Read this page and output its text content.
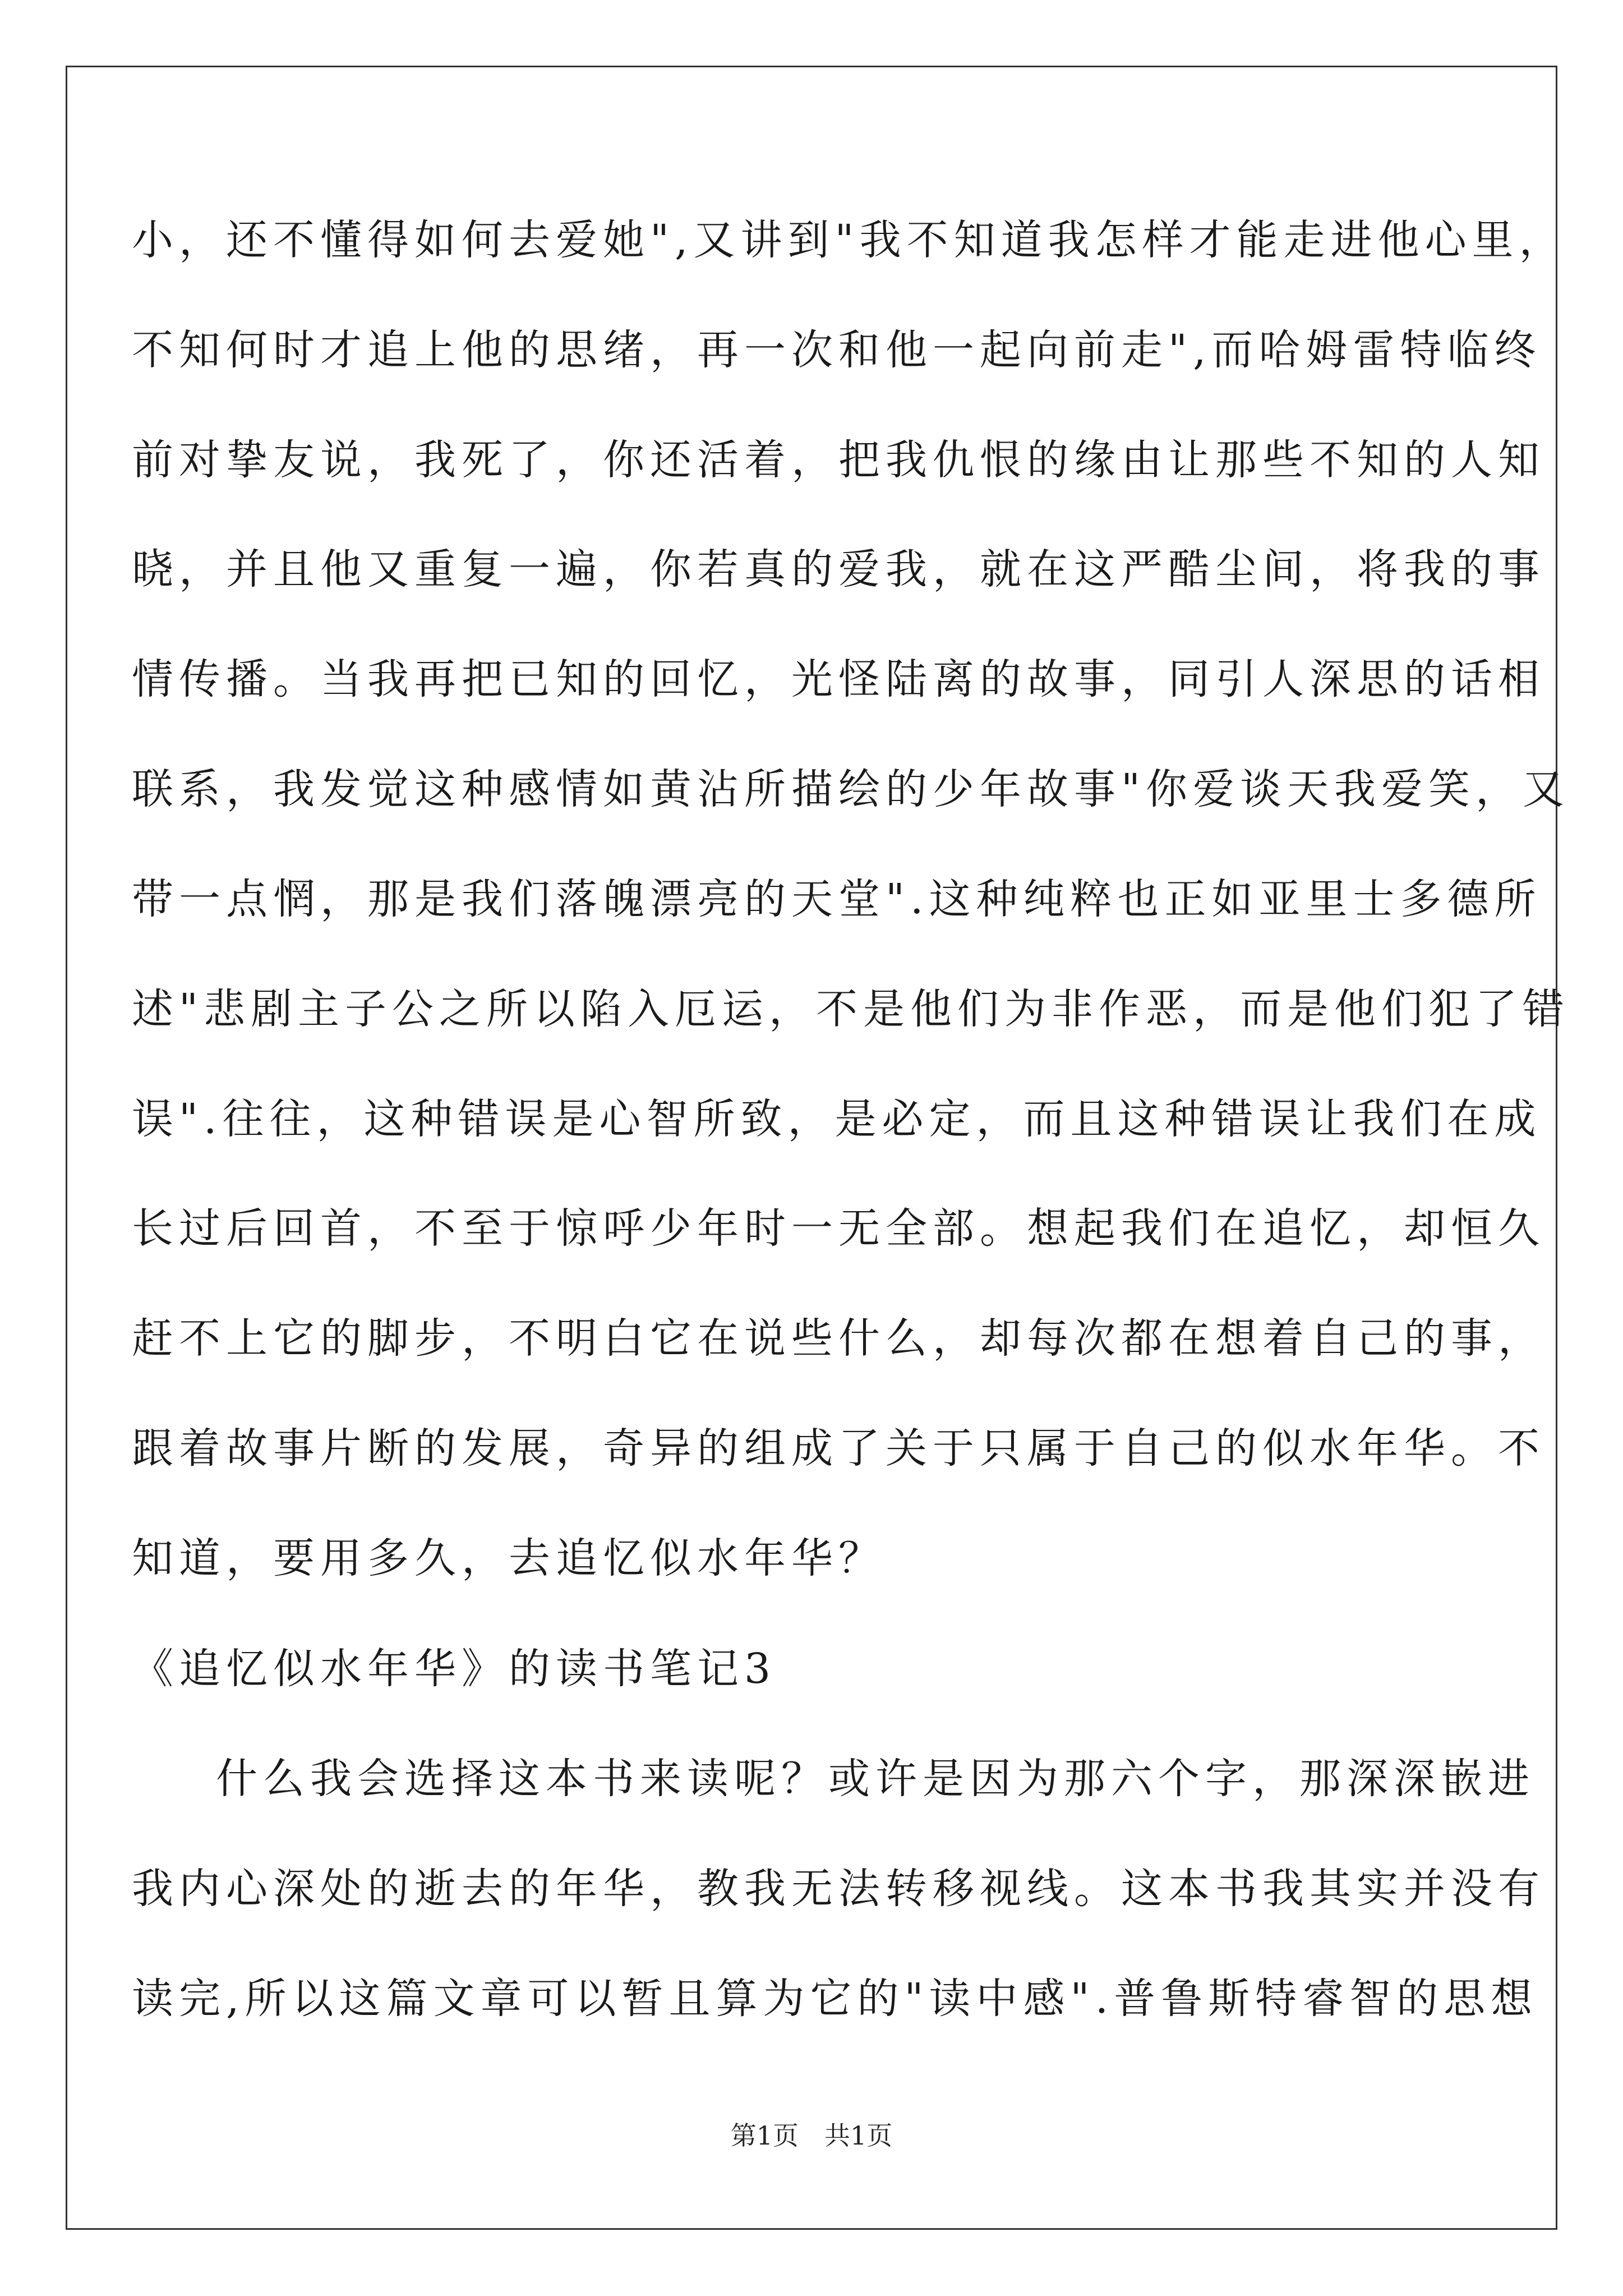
小，还不懂得如何去爱她",又讲到"我不知道我怎样才能走进他心里，
不知何时才追上他的思绪，再一次和他一起向前走",而哈姆雷特临终
前对挚友说，我死了，你还活着，把我仇恨的缘由让那些不知的人知
晓，并且他又重复一遍，你若真的爱我，就在这严酷尘间，将我的事
情传播。当我再把已知的回忆，光怪陆离的故事，同引人深思的话相
联系，我发觉这种感情如黄沾所描绘的少年故事"你爱谈天我爱笑，又
带一点惘，那是我们落魄漂亮的天堂".这种纯粹也正如亚里士多德所
述"悲剧主子公之所以陷入厄运，不是他们为非作恶，而是他们犯了错
误".往往，这种错误是心智所致，是必定，而且这种错误让我们在成
长过后回首，不至于惊呼少年时一无全部。想起我们在追忆，却恒久
赶不上它的脚步，不明白它在说些什么，却每次都在想着自己的事，
跟着故事片断的发展，奇异的组成了关于只属于自己的似水年华。不
知道，要用多久，去追忆似水年华？
《追忆似水年华》的读书笔记3
什么我会选择这本书来读呢？或许是因为那六个字，那深深嵌进
我内心深处的逝去的年华，教我无法转移视线。这本书我其实并没有
读完,所以这篇文章可以暂且算为它的"读中感".普鲁斯特睿智的思想
第1页　共1页
